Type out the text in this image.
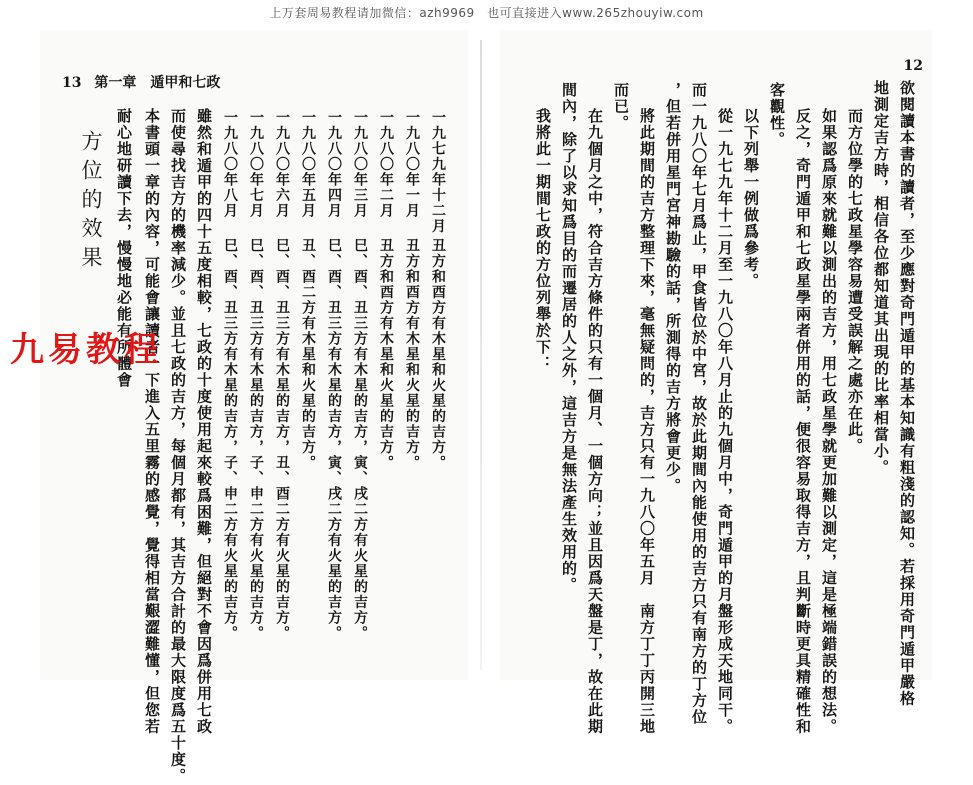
上万套周易教程请加微信：azh9969　也可直接进入www.265zhouyiw.com
13 第一章　遁甲和七政
12
方位的效果 耐心地研讀下去，慢慢地必能有所體會 本書頭一章的內容，可能會讓讀者一下進入五里霧的感覺，覺得相當艱澀難懂，但您若 而使尋找吉方的機率減少。並且七政的吉方，每個月都有，其吉方合計的最大限度爲五十度。 雖然和遁甲的四十五度相較，七政的十度使用起來較爲困難，但絕對不會因爲併用七政 一九八〇年八月
巳、酉、丑三方有木星的吉方，子、申二方有火星的吉方。
一九八〇年七月
巳、酉、丑三方有木星的吉方，子、申二方有火星的吉方。
一九八〇年六月
巳、酉、丑三方有木星的吉方，丑、酉二方有火星的吉方。
一九八〇年五月
丑、酉二方有木星和火星的吉方。
一九八〇年四月
巳、酉、丑三方有木星的吉方，寅、戌二方有火星的吉方。
一九八〇年三月
巳、酉、丑三方有木星的吉方，寅、戌二方有火星的吉方。
一九八〇年二月
丑方和酉方有木星和火星的吉方。
一九八〇年一月
丑方和酉方有木星和火星的吉方。
一九七九年十二月
丑方和酉方有木星和火星的吉方。	欲閱讀本書的讀者，至少應對奇門遁甲的基本知識有粗淺的認知。若採用奇門遁甲嚴格
地測定吉方時，相信各位都知道其出現的比率相當小。
而方位學的七政星學容易遭受誤解之處亦在此。
如果認爲原來就難以測出的吉方，用七政星學就更加難以測定，這是極端錯誤的想法。
反之，奇門遁甲和七政星學兩者併用的話，便很容易取得吉方，且判斷時更具精確性和
客觀性。
以下列舉一例做爲參考。
從一九七九年十二月至一九八〇年八月止的九個月中，奇門遁甲的月盤形成天地同干。
而一九八〇年七月爲止，甲食皆位於中宮，故於此期間內能使用的吉方只有南方的丁方位
，但若併用星門宮神勘驗的話，所測得的吉方將會更少。
將此期間的吉方整理下來，毫無疑問的，吉方只有一九八〇年五月　南方丁丁丙開三地
而已。
在九個月之中，符合吉方條件的只有一個月、一個方向；並且因爲天盤是丁，故在此期
間內，除了以求知爲目的而遷居的人之外，這吉方是無法產生效用的。
我將此一期間七政的方位列舉於下：
九易教程
